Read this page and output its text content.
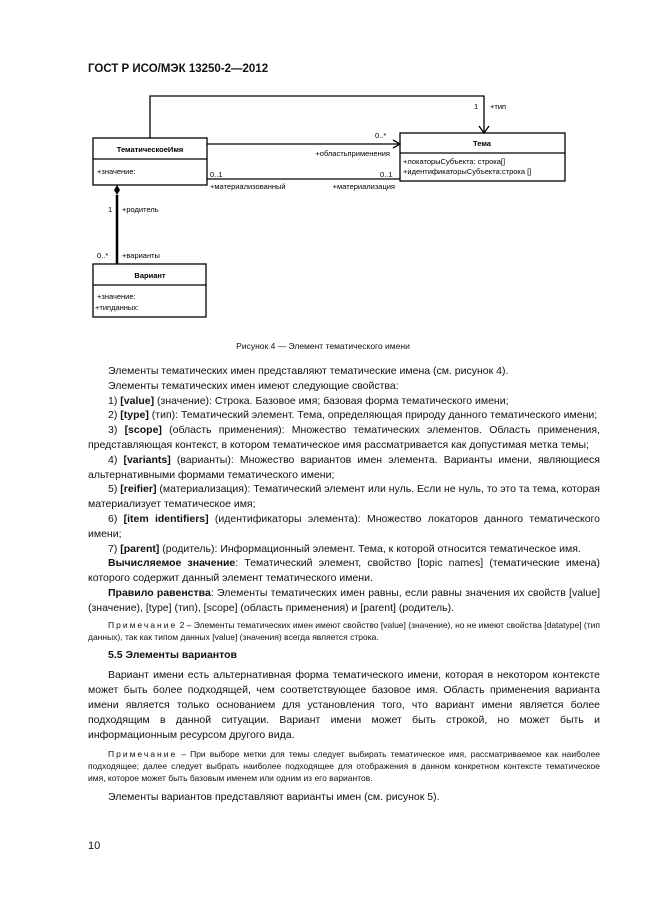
ГОСТ Р ИСО/МЭК 13250-2—2012
ТематическоеИмя
+значение:
Тема
+локаторыСубъекта: строка[]
+идентификаторыСубъекта:строка []
Вариант
+значение:
+типданных:
1 +тип
0..*
+областьприменения
0..1
+материализованный
0..1
+материализация
1 +родитель
0..* +варианты
Рисунок 4 — Элемент тематического имени

Элементы тематических имен представляют тематические имена (см. рисунок 4).

Элементы тематических имен имеют следующие свойства:

1) [value] (значение): Строка. Базовое имя; базовая форма тематического имени;

2) [type] (тип): Тематический элемент. Тема, определяющая природу данного тематического имени;

3) [scope] (область применения): Множество тематических элементов. Область применения, представляющая контекст, в котором тематическое имя рассматривается как допустимая метка темы;

4) [variants] (варианты): Множество вариантов имен элемента. Варианты имени, являющиеся альтернативными формами тематического имени;

5) [reifier] (материализация): Тематический элемент или нуль. Если не нуль, то это та тема, которая материализует тематическое имя;

6) [item identifiers] (идентификаторы элемента): Множество локаторов данного тематического имени;

7) [parent] (родитель): Информационный элемент. Тема, к которой относится тематическое имя.

Вычисляемое значение: Тематический элемент, свойство [topic names] (тематические имена) которого содержит данный элемент тематического имени.

Правило равенства: Элементы тематических имен равны, если равны значения их свойств [value] (значение), [type] (тип), [scope] (область применения) и [parent] (родитель).

Примечание 2 – Элементы тематических имен имеют свойство [value] (значение), но не имеют свойства [datatype] (тип данных), так как типом данных [value] (значения) всегда является строка.

5.5 Элементы вариантов

Вариант имени есть альтернативная форма тематического имени, которая в некотором контексте может быть более подходящей, чем соответствующее базовое имя. Область применения варианта имени является только основанием для установления того, что вариант имени является более подходящим в данной ситуации. Вариант имени может быть строкой, но может быть и информационным ресурсом другого вида.

Примечание – При выборе метки для темы следует выбирать тематическое имя, рассматриваемое как наиболее подходящее; далее следует выбрать наиболее подходящее для отображения в данном конкретном контексте тематическое имя, которое может быть базовым именем или одним из его вариантов.

Элементы вариантов представляют варианты имен (см. рисунок 5).

10
